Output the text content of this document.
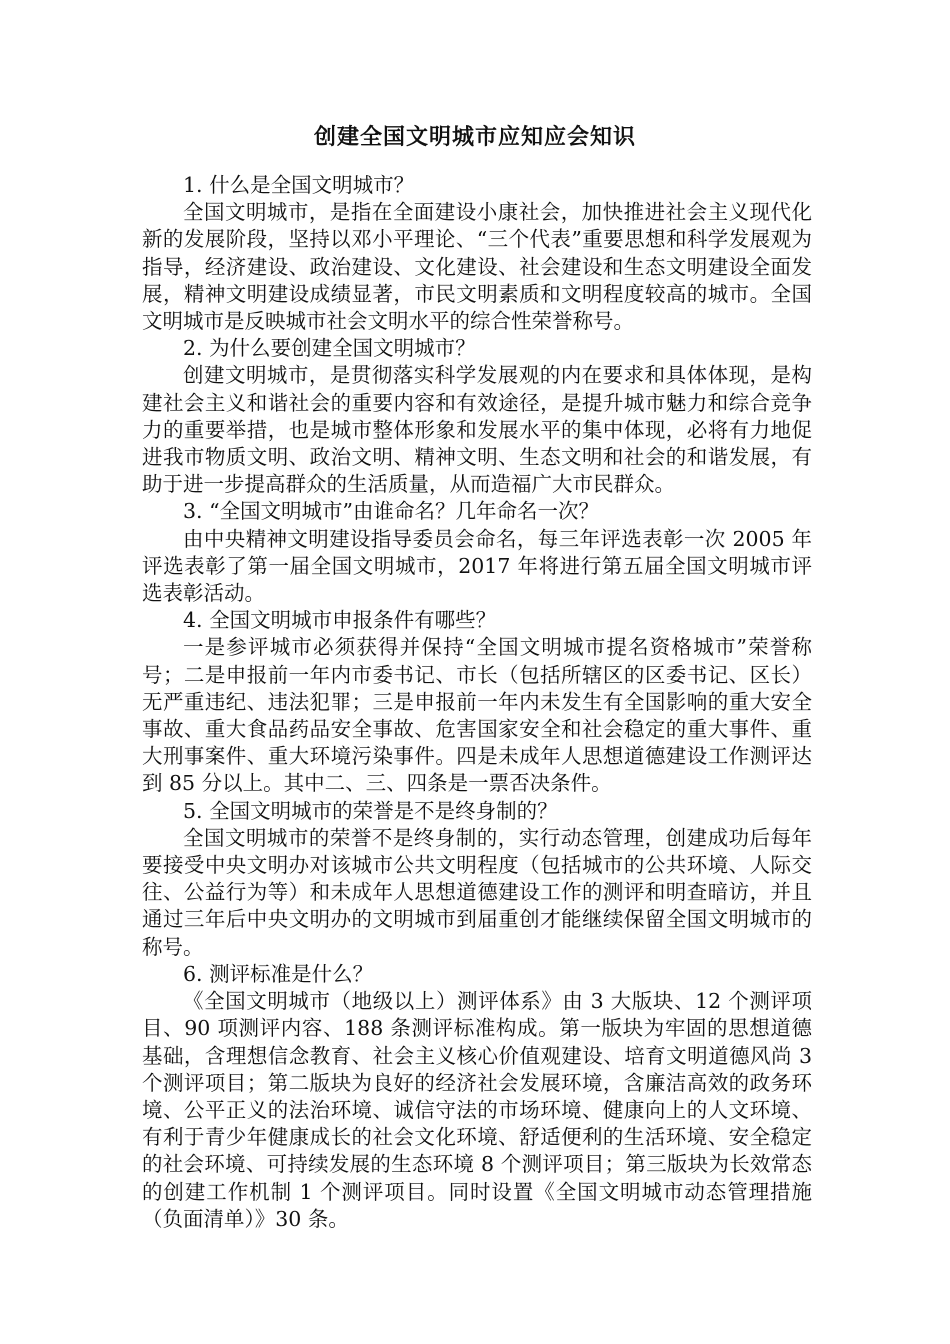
创建全国文明城市应知应会知识

1. 什么是全国文明城市？

全国文明城市，是指在全面建设小康社会，加快推进社会主义现代化新的发展阶段，坚持以邓小平理论、“三个代表”重要思想和科学发展观为指导，经济建设、政治建设、文化建设、社会建设和生态文明建设全面发展，精神文明建设成绩显著，市民文明素质和文明程度较高的城市。全国文明城市是反映城市社会文明水平的综合性荣誉称号。

2. 为什么要创建全国文明城市？

创建文明城市，是贯彻落实科学发展观的内在要求和具体体现，是构建社会主义和谐社会的重要内容和有效途径，是提升城市魅力和综合竞争力的重要举措，也是城市整体形象和发展水平的集中体现，必将有力地促进我市物质文明、政治文明、精神文明、生态文明和社会的和谐发展，有助于进一步提高群众的生活质量，从而造福广大市民群众。

3. “全国文明城市”由谁命名？几年命名一次？

由中央精神文明建设指导委员会命名，每三年评选表彰一次 2005 年评选表彰了第一届全国文明城市，2017 年将进行第五届全国文明城市评选表彰活动。

4. 全国文明城市申报条件有哪些？

一是参评城市必须获得并保持“全国文明城市提名资格城市”荣誉称号；二是申报前一年内市委书记、市长（包括所辖区的区委书记、区长）无严重违纪、违法犯罪；三是申报前一年内未发生有全国影响的重大安全事故、重大食品药品安全事故、危害国家安全和社会稳定的重大事件、重大刑事案件、重大环境污染事件。四是未成年人思想道德建设工作测评达到 85 分以上。其中二、三、四条是一票否决条件。

5. 全国文明城市的荣誉是不是终身制的？

全国文明城市的荣誉不是终身制的，实行动态管理，创建成功后每年要接受中央文明办对该城市公共文明程度（包括城市的公共环境、人际交往、公益行为等）和未成年人思想道德建设工作的测评和明查暗访，并且通过三年后中央文明办的文明城市到届重创才能继续保留全国文明城市的称号。

6. 测评标准是什么？

《全国文明城市（地级以上）测评体系》由 3 大版块、12 个测评项目、90 项测评内容、188 条测评标准构成。第一版块为牢固的思想道德基础，含理想信念教育、社会主义核心价值观建设、培育文明道德风尚 3 个测评项目；第二版块为良好的经济社会发展环境，含廉洁高效的政务环境、公平正义的法治环境、诚信守法的市场环境、健康向上的人文环境、有利于青少年健康成长的社会文化环境、舒适便利的生活环境、安全稳定的社会环境、可持续发展的生态环境 8 个测评项目；第三版块为长效常态的创建工作机制 1 个测评项目。同时设置《全国文明城市动态管理措施（负面清单）》30 条。
